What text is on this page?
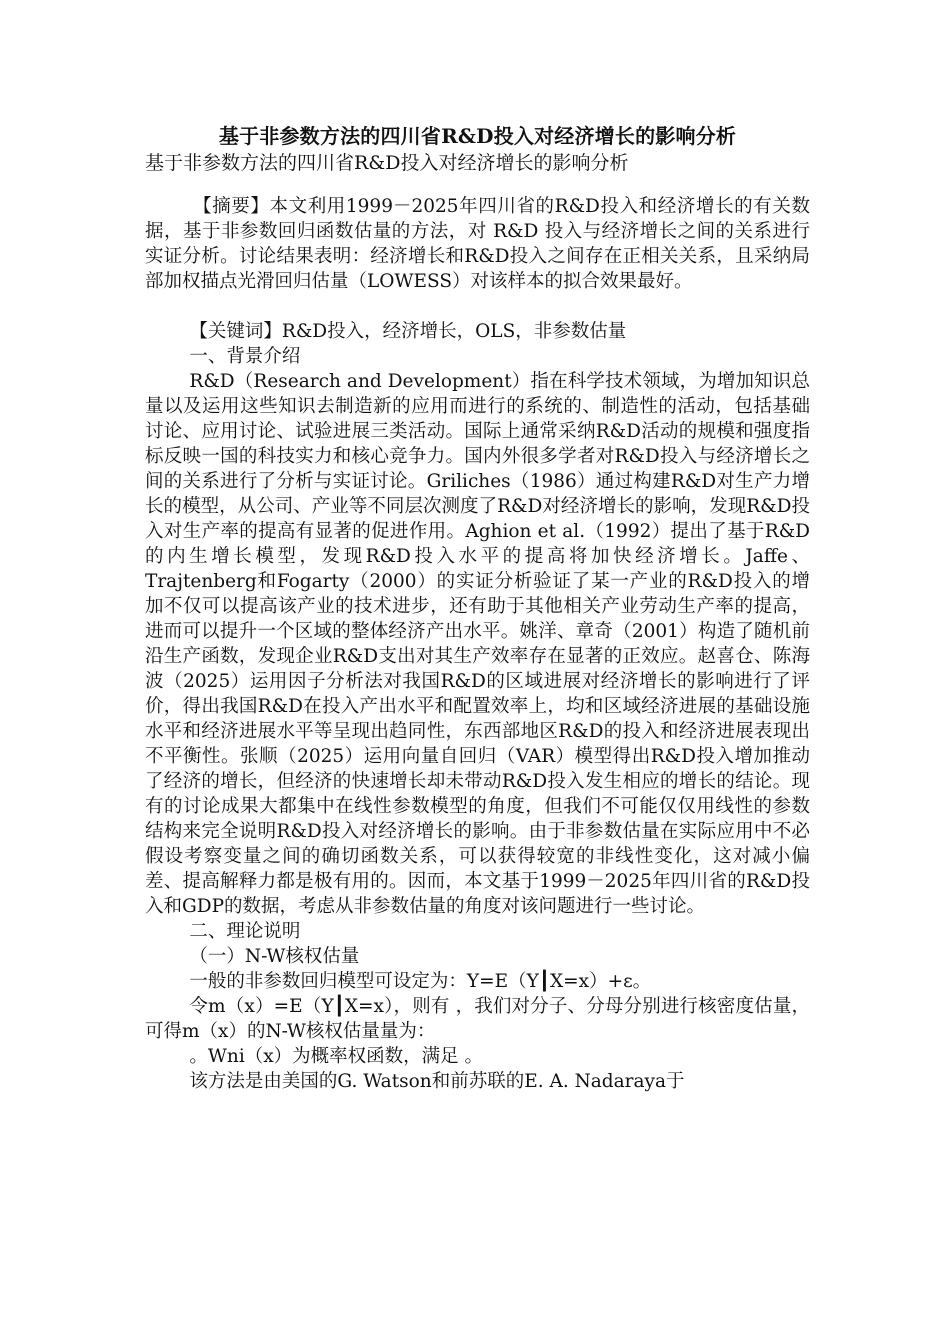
基于非参数方法的四川省R&D投入对经济增长的影响分析
基于非参数方法的四川省R&D投入对经济增长的影响分析

【摘要】本文利用1999－2025年四川省的R&D投入和经济增长的有关数据，基于非参数回归函数估量的方法，对 R&D 投入与经济增长之间的关系进行实证分析。讨论结果表明：经济增长和R&D投入之间存在正相关关系，且采纳局部加权描点光滑回归估量（LOWESS）对该样本的拟合效果最好。

【关键词】R&D投入，经济增长，OLS，非参数估量

一、背景介绍

R&D（Research and Development）指在科学技术领域，为增加知识总量以及运用这些知识去制造新的应用而进行的系统的、制造性的活动，包括基础讨论、应用讨论、试验进展三类活动。国际上通常采纳R&D活动的规模和强度指标反映一国的科技实力和核心竞争力。国内外很多学者对R&D投入与经济增长之间的关系进行了分析与实证讨论。Griliches（1986）通过构建R&D对生产力增长的模型，从公司、产业等不同层次测度了R&D对经济增长的影响，发现R&D投入对生产率的提高有显著的促进作用。Aghion et al.（1992）提出了基于R&D的内生增长模型，发现R&D投入水平的提高将加快经济增长。Jaffe、Trajtenberg和Fogarty（2000）的实证分析验证了某一产业的R&D投入的增加不仅可以提高该产业的技术进步，还有助于其他相关产业劳动生产率的提高，进而可以提升一个区域的整体经济产出水平。姚洋、章奇（2001）构造了随机前沿生产函数，发现企业R&D支出对其生产效率存在显著的正效应。赵喜仓、陈海波（2025）运用因子分析法对我国R&D的区域进展对经济增长的影响进行了评价，得出我国R&D在投入产出水平和配置效率上，均和区域经济进展的基础设施水平和经济进展水平等呈现出趋同性，东西部地区R&D的投入和经济进展表现出不平衡性。张顺（2025）运用向量自回归（VAR）模型得出R&D投入增加推动了经济的增长，但经济的快速增长却未带动R&D投入发生相应的增长的结论。现有的讨论成果大都集中在线性参数模型的角度，但我们不可能仅仅用线性的参数结构来完全说明R&D投入对经济增长的影响。由于非参数估量在实际应用中不必假设考察变量之间的确切函数关系，可以获得较宽的非线性变化，这对减小偏差、提高解释力都是极有用的。因而，本文基于1999－2025年四川省的R&D投入和GDP的数据，考虑从非参数估量的角度对该问题进行一些讨论。

二、理论说明

（一）N-W核权估量

一般的非参数回归模型可设定为：Y=E（Y┃X=x）+ε。

令m（x）=E（Y┃X=x），则有 ，我们对分子、分母分别进行核密度估量，可得m（x）的N-W核权估量量为：

。Wni（x）为概率权函数，满足 。

该方法是由美国的G. Watson和前苏联的E. A. Nadaraya于
